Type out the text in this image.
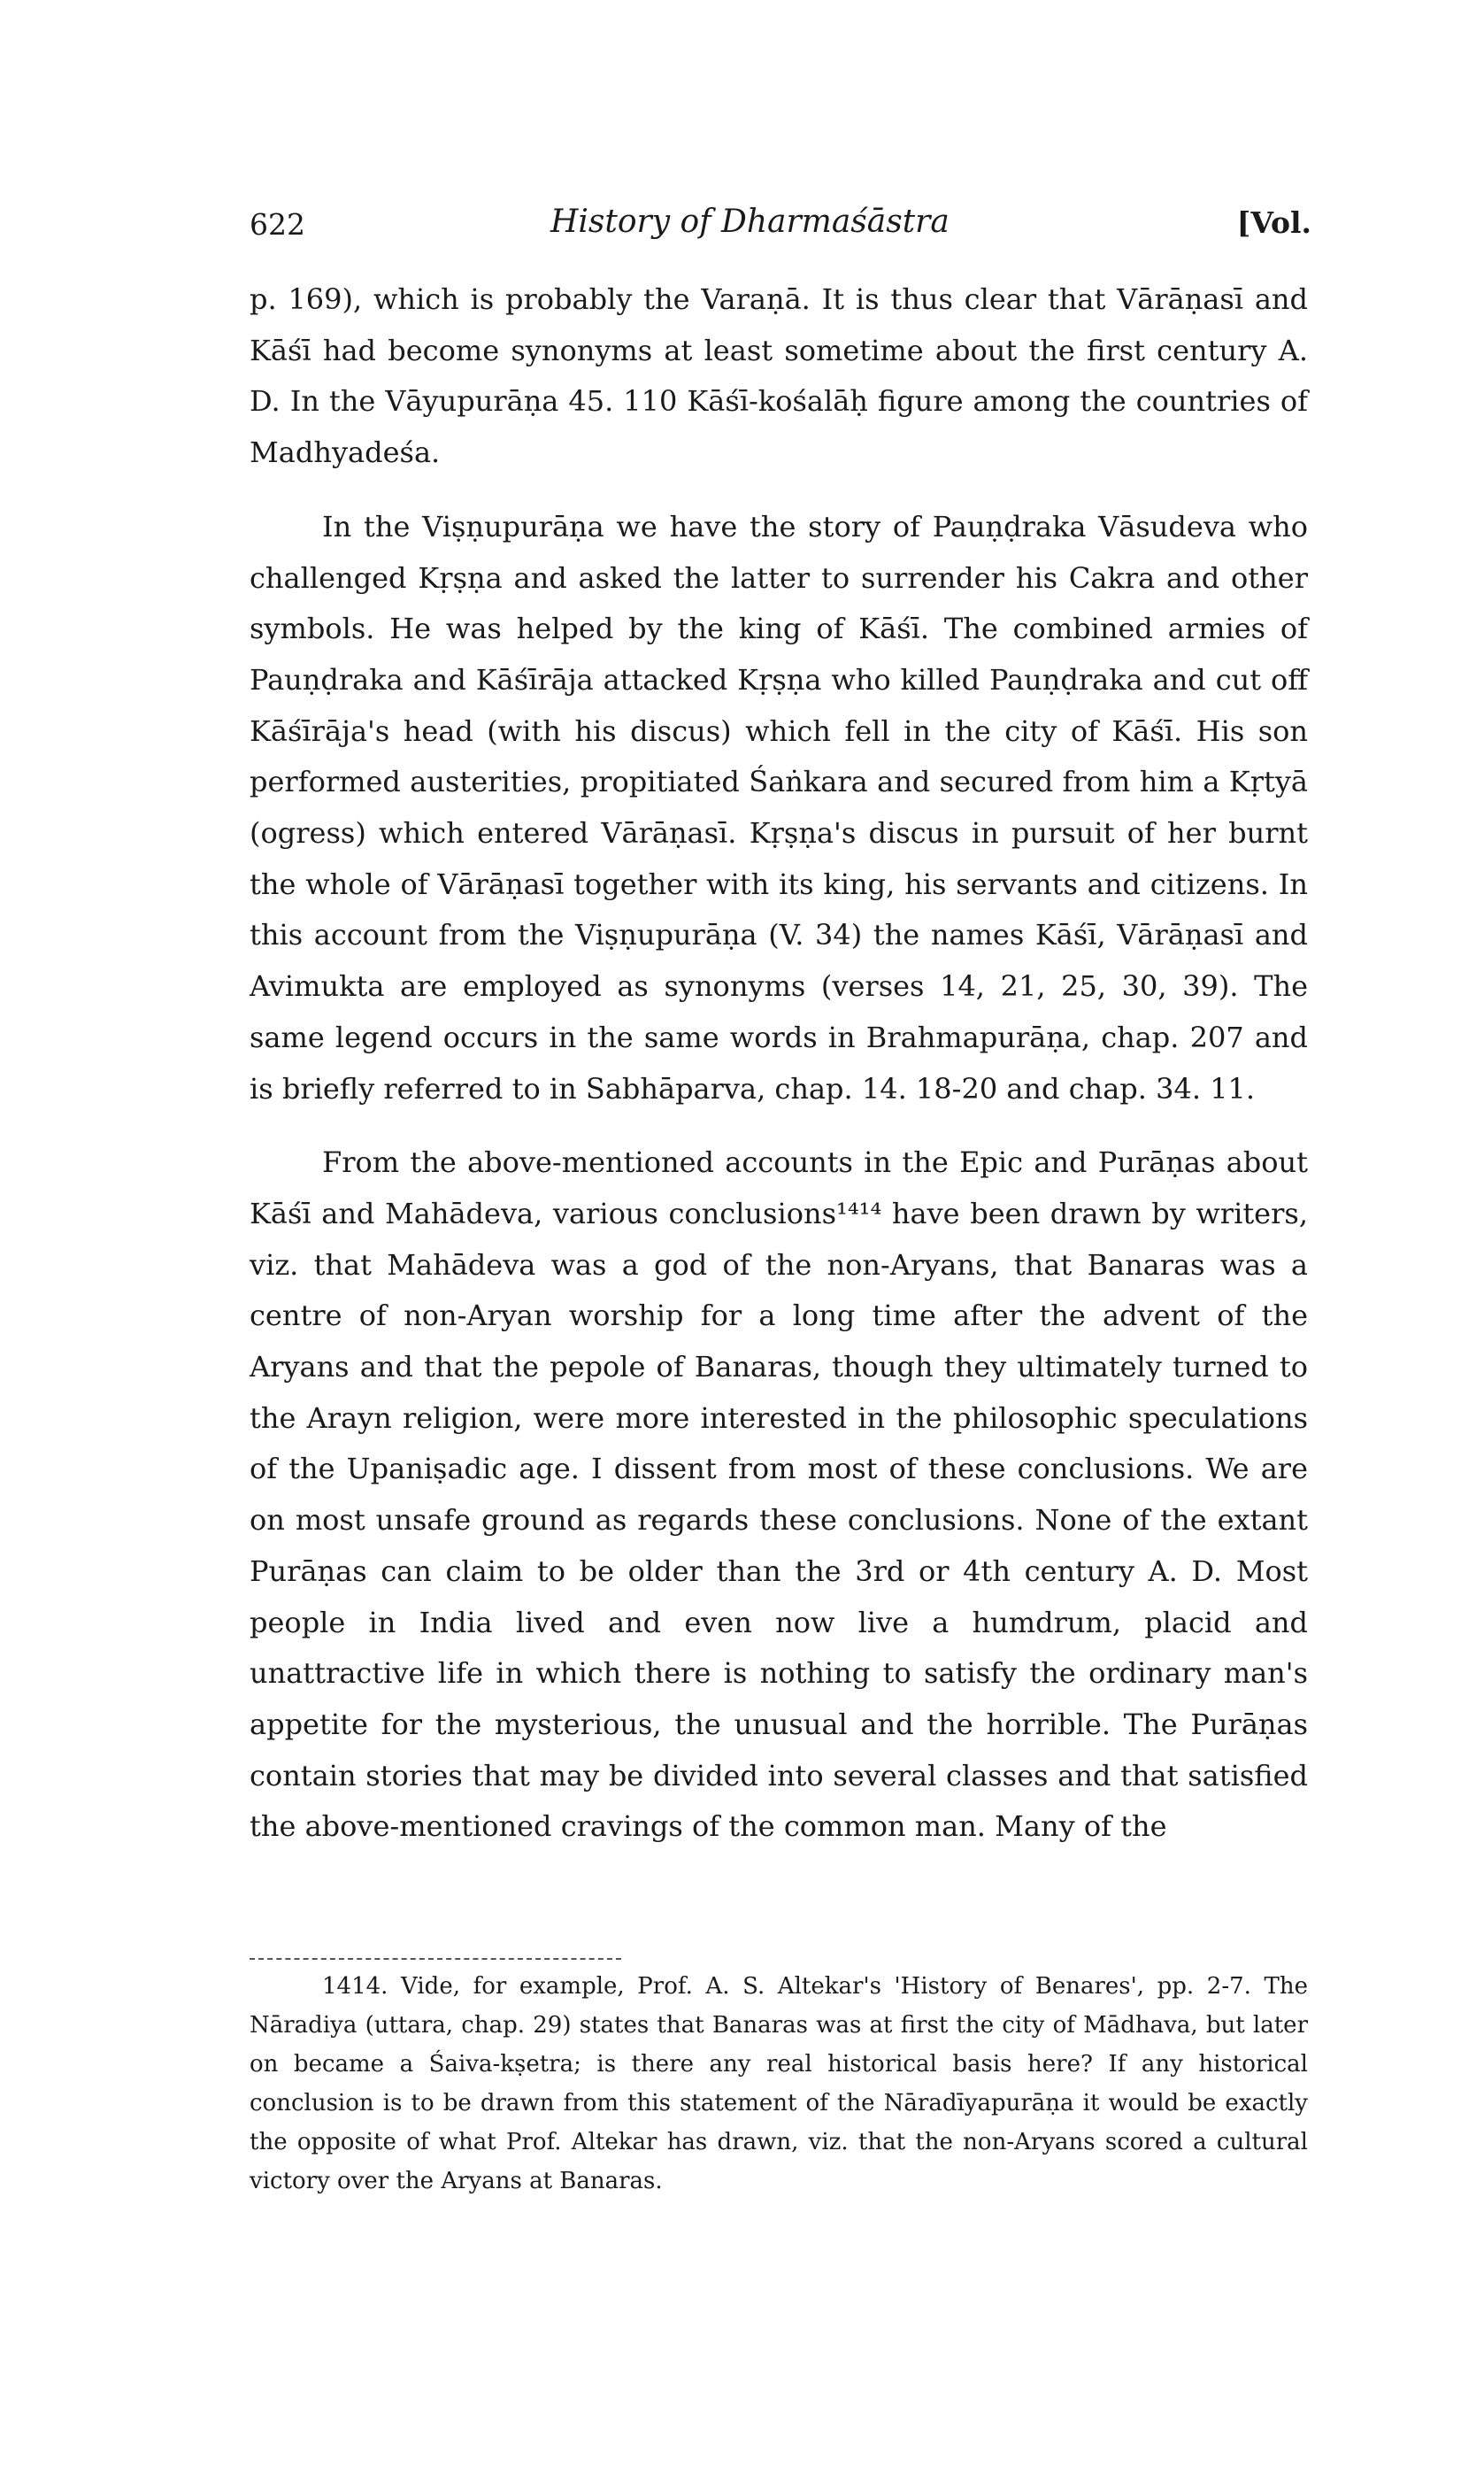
622	History of Dharmaśāstra	[Vol.

p. 169), which is probably the Varaṇā. It is thus clear that Vārāṇasī and Kāśī had become synonyms at least sometime about the first century A. D. In the Vāyupurāṇa 45. 110 Kāśī-kośalāḥ figure among the countries of Madhyadeśa.

In the Viṣṇupurāṇa we have the story of Pauṇḍraka Vāsudeva who challenged Kṛṣṇa and asked the latter to surrender his Cakra and other symbols. He was helped by the king of Kāśī. The combined armies of Pauṇḍraka and Kāśīrāja attacked Kṛṣṇa who killed Pauṇḍraka and cut off Kāśīrāja's head (with his discus) which fell in the city of Kāśī. His son performed austerities, propitiated Śaṅkara and secured from him a Kṛtyā (ogress) which entered Vārāṇasī. Kṛṣṇa's discus in pursuit of her burnt the whole of Vārāṇasī together with its king, his servants and citizens. In this account from the Viṣṇupurāṇa (V. 34) the names Kāśī, Vārāṇasī and Avimukta are employed as synonyms (verses 14, 21, 25, 30, 39). The same legend occurs in the same words in Brahmapurāṇa, chap. 207 and is briefly referred to in Sabhāparva, chap. 14. 18-20 and chap. 34. 11.

From the above-mentioned accounts in the Epic and Purāṇas about Kāśī and Mahādeva, various conclusions¹⁴¹⁴ have been drawn by writers, viz. that Mahādeva was a god of the non-Aryans, that Banaras was a centre of non-Aryan worship for a long time after the advent of the Aryans and that the pepole of Banaras, though they ultimately turned to the Arayn religion, were more interested in the philosophic speculations of the Upaniṣadic age. I dissent from most of these conclusions. We are on most unsafe ground as regards these conclusions. None of the extant Purāṇas can claim to be older than the 3rd or 4th century A. D. Most people in India lived and even now live a humdrum, placid and unattractive life in which there is nothing to satisfy the ordinary man's appetite for the mysterious, the unusual and the horrible. The Purāṇas contain stories that may be divided into several classes and that satisfied the above-mentioned cravings of the common man. Many of the

1414. Vide, for example, Prof. A. S. Altekar's 'History of Benares', pp. 2-7. The Nāradiya (uttara, chap. 29) states that Banaras was at first the city of Mādhava, but later on became a Śaiva-kṣetra; is there any real historical basis here? If any historical conclusion is to be drawn from this statement of the Nāradīyapurāṇa it would be exactly the opposite of what Prof. Altekar has drawn, viz. that the non-Aryans scored a cultural victory over the Aryans at Banaras.
